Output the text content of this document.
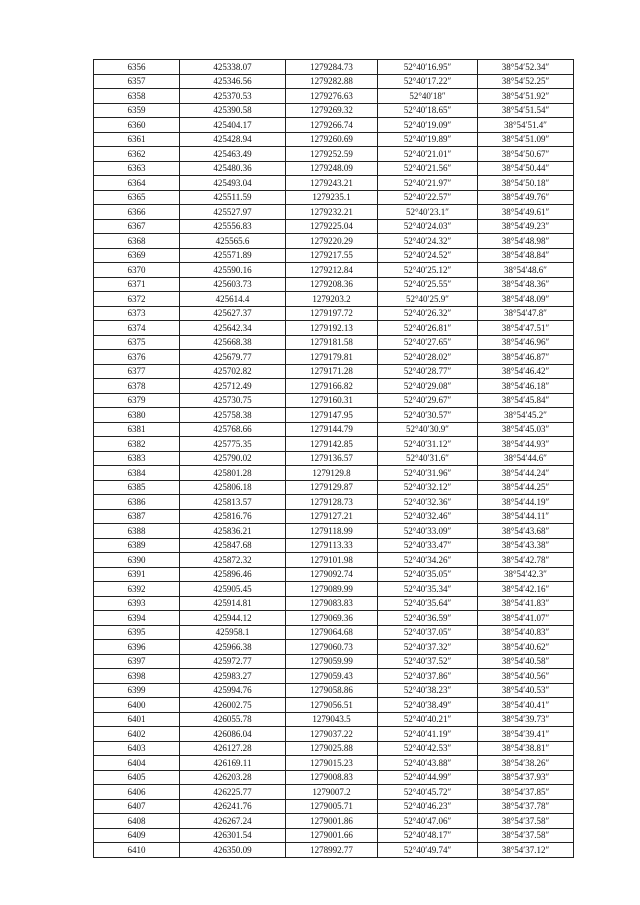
6356	425338.07	1279284.73	52°40′16.95″	38°54′52.34″
6357	425346.56	1279282.88	52°40′17.22″	38°54′52.25″
6358	425370.53	1279276.63	52°40′18″	38°54′51.92″
6359	425390.58	1279269.32	52°40′18.65″	38°54′51.54″
6360	425404.17	1279266.74	52°40′19.09″	38°54′51.4″
6361	425428.94	1279260.69	52°40′19.89″	38°54′51.09″
6362	425463.49	1279252.59	52°40′21.01″	38°54′50.67″
6363	425480.36	1279248.09	52°40′21.56″	38°54′50.44″
6364	425493.04	1279243.21	52°40′21.97″	38°54′50.18″
6365	425511.59	1279235.1	52°40′22.57″	38°54′49.76″
6366	425527.97	1279232.21	52°40′23.1″	38°54′49.61″
6367	425556.83	1279225.04	52°40′24.03″	38°54′49.23″
6368	425565.6	1279220.29	52°40′24.32″	38°54′48.98″
6369	425571.89	1279217.55	52°40′24.52″	38°54′48.84″
6370	425590.16	1279212.84	52°40′25.12″	38°54′48.6″
6371	425603.73	1279208.36	52°40′25.55″	38°54′48.36″
6372	425614.4	1279203.2	52°40′25.9″	38°54′48.09″
6373	425627.37	1279197.72	52°40′26.32″	38°54′47.8″
6374	425642.34	1279192.13	52°40′26.81″	38°54′47.51″
6375	425668.38	1279181.58	52°40′27.65″	38°54′46.96″
6376	425679.77	1279179.81	52°40′28.02″	38°54′46.87″
6377	425702.82	1279171.28	52°40′28.77″	38°54′46.42″
6378	425712.49	1279166.82	52°40′29.08″	38°54′46.18″
6379	425730.75	1279160.31	52°40′29.67″	38°54′45.84″
6380	425758.38	1279147.95	52°40′30.57″	38°54′45.2″
6381	425768.66	1279144.79	52°40′30.9″	38°54′45.03″
6382	425775.35	1279142.85	52°40′31.12″	38°54′44.93″
6383	425790.02	1279136.57	52°40′31.6″	38°54′44.6″
6384	425801.28	1279129.8	52°40′31.96″	38°54′44.24″
6385	425806.18	1279129.87	52°40′32.12″	38°54′44.25″
6386	425813.57	1279128.73	52°40′32.36″	38°54′44.19″
6387	425816.76	1279127.21	52°40′32.46″	38°54′44.11″
6388	425836.21	1279118.99	52°40′33.09″	38°54′43.68″
6389	425847.68	1279113.33	52°40′33.47″	38°54′43.38″
6390	425872.32	1279101.98	52°40′34.26″	38°54′42.78″
6391	425896.46	1279092.74	52°40′35.05″	38°54′42.3″
6392	425905.45	1279089.99	52°40′35.34″	38°54′42.16″
6393	425914.81	1279083.83	52°40′35.64″	38°54′41.83″
6394	425944.12	1279069.36	52°40′36.59″	38°54′41.07″
6395	425958.1	1279064.68	52°40′37.05″	38°54′40.83″
6396	425966.38	1279060.73	52°40′37.32″	38°54′40.62″
6397	425972.77	1279059.99	52°40′37.52″	38°54′40.58″
6398	425983.27	1279059.43	52°40′37.86″	38°54′40.56″
6399	425994.76	1279058.86	52°40′38.23″	38°54′40.53″
6400	426002.75	1279056.51	52°40′38.49″	38°54′40.41″
6401	426055.78	1279043.5	52°40′40.21″	38°54′39.73″
6402	426086.04	1279037.22	52°40′41.19″	38°54′39.41″
6403	426127.28	1279025.88	52°40′42.53″	38°54′38.81″
6404	426169.11	1279015.23	52°40′43.88″	38°54′38.26″
6405	426203.28	1279008.83	52°40′44.99″	38°54′37.93″
6406	426225.77	1279007.2	52°40′45.72″	38°54′37.85″
6407	426241.76	1279005.71	52°40′46.23″	38°54′37.78″
6408	426267.24	1279001.86	52°40′47.06″	38°54′37.58″
6409	426301.54	1279001.66	52°40′48.17″	38°54′37.58″
6410	426350.09	1278992.77	52°40′49.74″	38°54′37.12″
